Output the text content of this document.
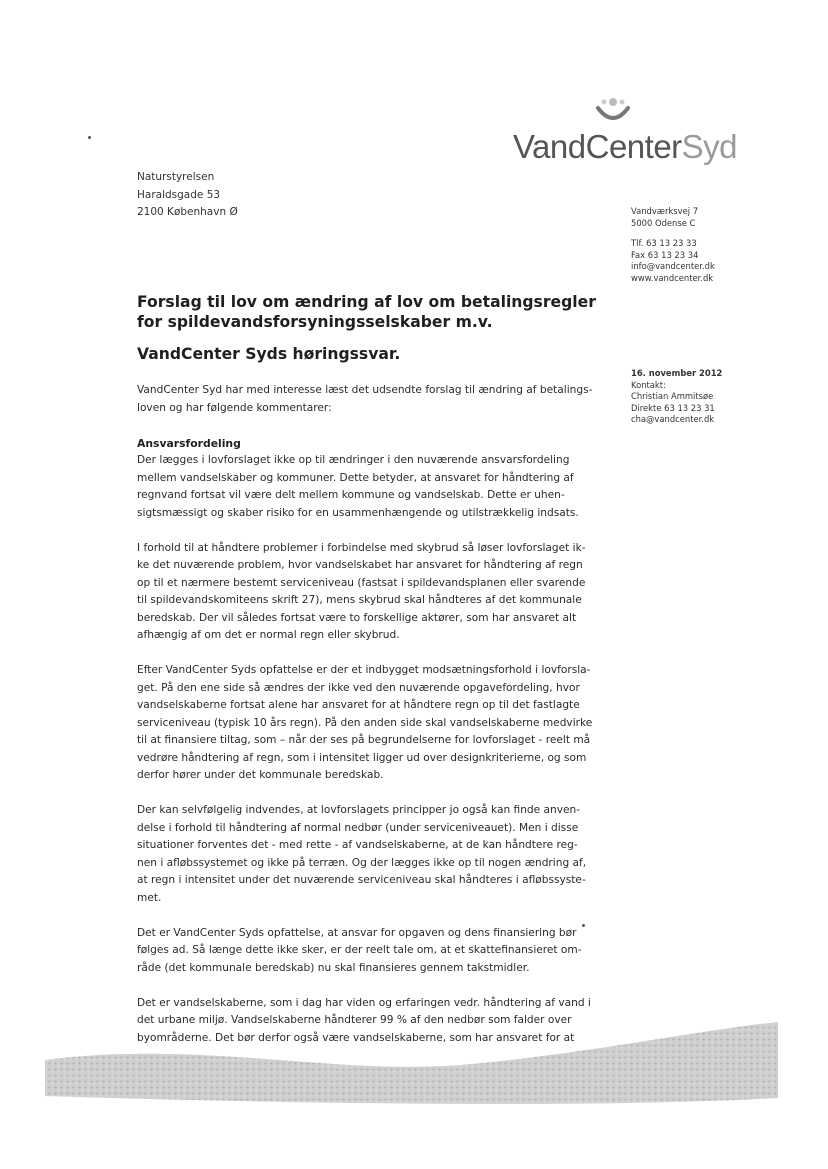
VandCenterSyd
Naturstyrelsen
Haraldsgade 53
2100 København Ø	Vandværksvej 7
5000 Odense C
Tlf. 63 13 23 33
Fax 63 13 23 34
info@vandcenter.dk
www.vandcenter.dk
Forslag til lov om ændring af lov om betalingsregler for spildevandsforsyningsselskaber m.v.
VandCenter Syds høringssvar.
16. november 2012
Kontakt:
Christian Ammitsøe
Direkte 63 13 23 31
cha@vandcenter.dk

VandCenter Syd har med interesse læst det udsendte forslag til ændring af betalings-
loven og har følgende kommentarer:

Ansvarsfordeling

Der lægges i lovforslaget ikke op til ændringer i den nuværende ansvarsfordeling
mellem vandselskaber og kommuner. Dette betyder, at ansvaret for håndtering af
regnvand fortsat vil være delt mellem kommune og vandselskab. Dette er uhen-
sigtsmæssigt og skaber risiko for en usammenhængende og utilstrækkelig indsats.

I forhold til at håndtere problemer i forbindelse med skybrud så løser lovforslaget ik-
ke det nuværende problem, hvor vandselskabet har ansvaret for håndtering af regn
op til et nærmere bestemt serviceniveau (fastsat i spildevandsplanen eller svarende
til spildevandskomiteens skrift 27), mens skybrud skal håndteres af det kommunale
beredskab. Der vil således fortsat være to forskellige aktører, som har ansvaret alt
afhængig af om det er normal regn eller skybrud.

Efter VandCenter Syds opfattelse er der et indbygget modsætningsforhold i lovforsla-
get. På den ene side så ændres der ikke ved den nuværende opgavefordeling, hvor
vandselskaberne fortsat alene har ansvaret for at håndtere regn op til det fastlagte
serviceniveau (typisk 10 års regn). På den anden side skal vandselskaberne medvirke
til at finansiere tiltag, som – når der ses på begrundelserne for lovforslaget - reelt må
vedrøre håndtering af regn, som i intensitet ligger ud over designkriterierne, og som
derfor hører under det kommunale beredskab.

Der kan selvfølgelig indvendes, at lovforslagets principper jo også kan finde anven-
delse i forhold til håndtering af normal nedbør (under serviceniveauet). Men i disse
situationer forventes det - med rette - af vandselskaberne, at de kan håndtere reg-
nen i afløbssystemet og ikke på terræn. Og der lægges ikke op til nogen ændring af,
at regn i intensitet under det nuværende serviceniveau skal håndteres i afløbssyste-
met.

Det er VandCenter Syds opfattelse, at ansvar for opgaven og dens finansiering bør
følges ad. Så længe dette ikke sker, er der reelt tale om, at et skattefinansieret om-
råde (det kommunale beredskab) nu skal finansieres gennem takstmidler.

Det er vandselskaberne, som i dag har viden og erfaringen vedr. håndtering af vand i
det urbane miljø. Vandselskaberne håndterer 99 % af den nedbør som falder over
byområderne. Det bør derfor også være vandselskaberne, som har ansvaret for at
